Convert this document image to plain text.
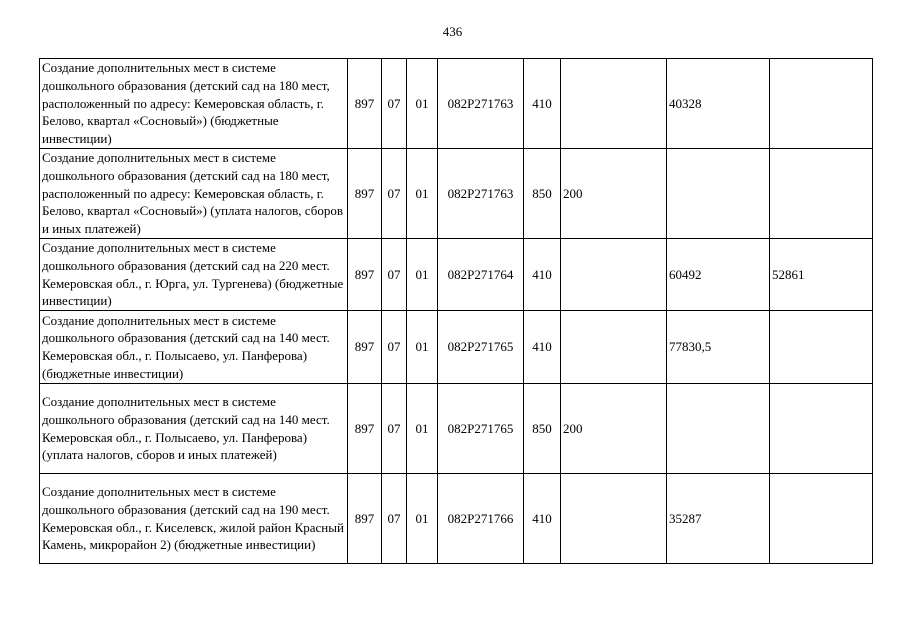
436
Создание дополнительных мест в системе дошкольного образования (детский сад на 180 мест, расположенный по адресу: Кемеровская область, г. Белово, квартал «Сосновый») (бюджетные инвестиции)	897	07	01	082P271763	410		40328	
Создание дополнительных мест в системе дошкольного образования (детский сад на 180 мест, расположенный по адресу: Кемеровская область, г. Белово, квартал «Сосновый») (уплата налогов, сборов и иных платежей)	897	07	01	082P271763	850	200		
Создание дополнительных мест в системе дошкольного образования (детский сад на 220 мест. Кемеровская обл., г. Юрга, ул. Тургенева) (бюджетные инвестиции)	897	07	01	082P271764	410		60492	52861
Создание дополнительных мест в системе дошкольного образования (детский сад на 140 мест. Кемеровская обл., г. Полысаево, ул. Панферова) (бюджетные инвестиции)	897	07	01	082P271765	410		77830,5	
Создание дополнительных мест в системе дошкольного образования (детский сад на 140 мест. Кемеровская обл., г. Полысаево, ул. Панферова) (уплата налогов, сборов и иных платежей)	897	07	01	082P271765	850	200		
Создание дополнительных мест в системе дошкольного образования (детский сад на 190 мест. Кемеровская обл., г. Киселевск, жилой район Красный Камень, микрорайон 2) (бюджетные инвестиции)	897	07	01	082P271766	410		35287	
